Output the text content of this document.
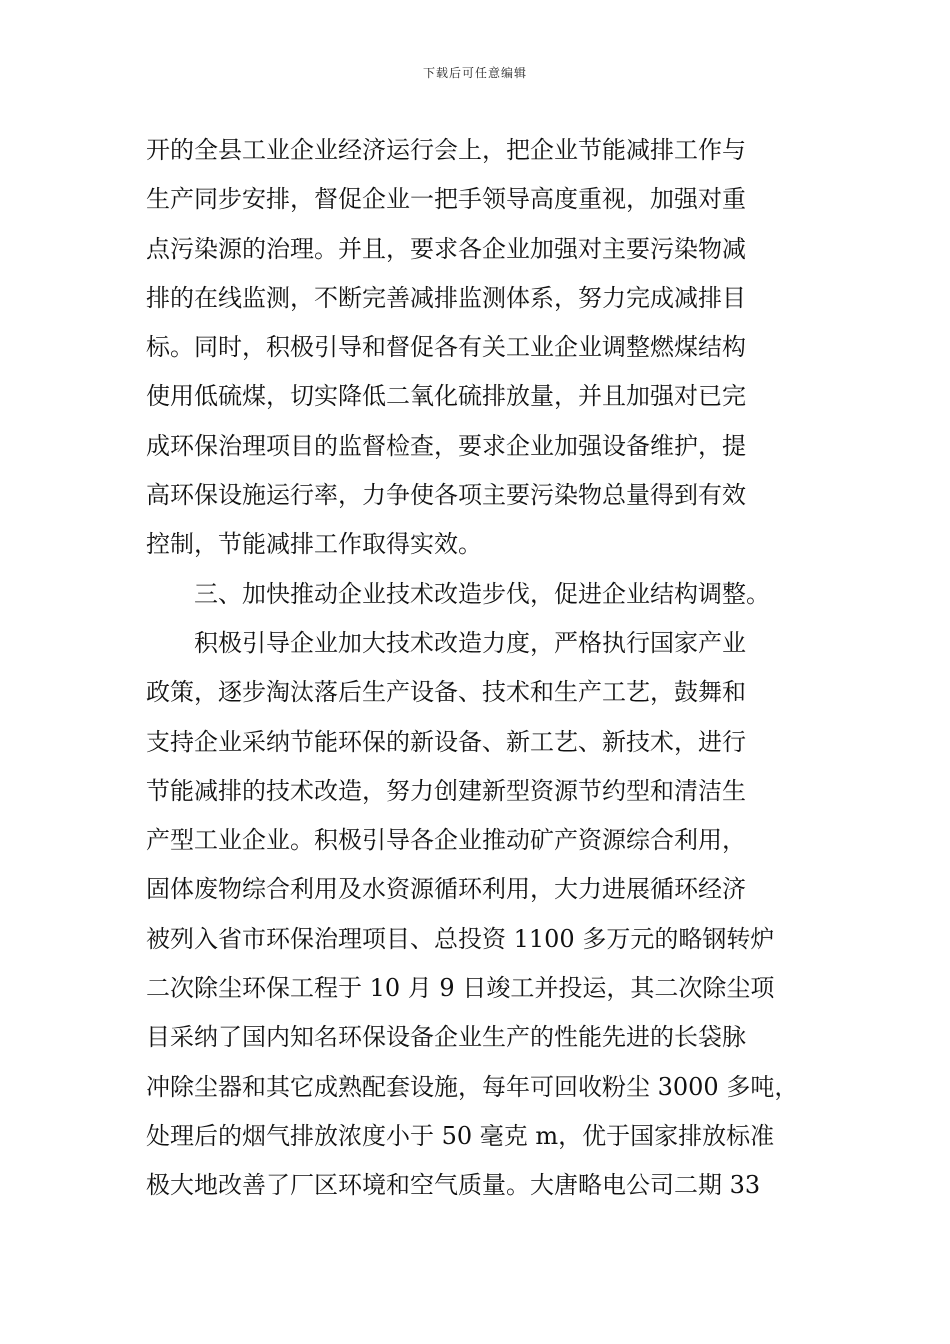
下载后可任意编辑
开的全县工业企业经济运行会上，把企业节能减排工作与
生产同步安排，督促企业一把手领导高度重视，加强对重
点污染源的治理。并且，要求各企业加强对主要污染物减
排的在线监测，不断完善减排监测体系，努力完成减排目
标。同时，积极引导和督促各有关工业企业调整燃煤结构
使用低硫煤，切实降低二氧化硫排放量，并且加强对已完
成环保治理项目的监督检查，要求企业加强设备维护，提
高环保设施运行率，力争使各项主要污染物总量得到有效
控制，节能减排工作取得实效。
三、加快推动企业技术改造步伐，促进企业结构调整。
积极引导企业加大技术改造力度，严格执行国家产业
政策，逐步淘汰落后生产设备、技术和生产工艺，鼓舞和
支持企业采纳节能环保的新设备、新工艺、新技术，进行
节能减排的技术改造，努力创建新型资源节约型和清洁生
产型工业企业。积极引导各企业推动矿产资源综合利用，
固体废物综合利用及水资源循环利用，大力进展循环经济
被列入省市环保治理项目、总投资 1100 多万元的略钢转炉
二次除尘环保工程于 10 月 9 日竣工并投运，其二次除尘项
目采纳了国内知名环保设备企业生产的性能先进的长袋脉
冲除尘器和其它成熟配套设施，每年可回收粉尘 3000 多吨，
处理后的烟气排放浓度小于 50 毫克 m，优于国家排放标准
极大地改善了厂区环境和空气质量。大唐略电公司二期 33
